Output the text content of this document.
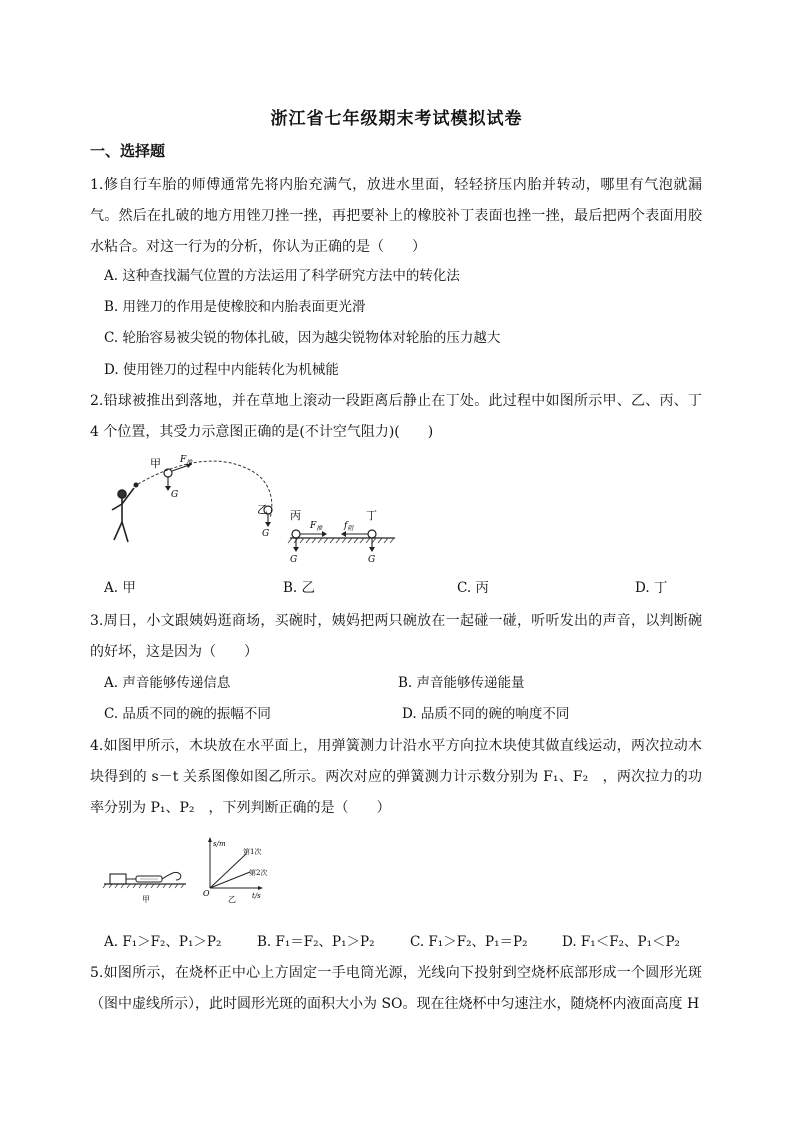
浙江省七年级期末考试模拟试卷
一、选择题
1.修自行车胎的师傅通常先将内胎充满气，放进水里面，轻轻挤压内胎并转动，哪里有气泡就漏气。然后在扎破的地方用锉刀挫一挫，再把要补上的橡胶补丁表面也挫一挫，最后把两个表面用胶水粘合。对这一行为的分析，你认为正确的是（　　）
A. 这种查找漏气位置的方法运用了科学研究方法中的转化法
B. 用锉刀的作用是使橡胶和内胎表面更光滑
C. 轮胎容易被尖锐的物体扎破，因为越尖锐物体对轮胎的压力越大
D. 使用锉刀的过程中内能转化为机械能
2.铅球被推出到落地，并在草地上滚动一段距离后静止在丁处。此过程中如图所示甲、乙、丙、丁 4 个位置，其受力示意图正确的是(不计空气阻力)(　　)
甲 $F_推$
G
乙
G
丙
$F_推$
G
丁
$f_阻$
G
A. 甲	B. 乙	C. 丙	D. 丁
3.周日，小文跟姨妈逛商场，买碗时，姨妈把两只碗放在一起碰一碰，听听发出的声音，以判断碗的好坏，这是因为（　　）
A. 声音能够传递信息	B. 声音能够传递能量
C. 品质不同的碗的振幅不同	D. 品质不同的碗的响度不同
4.如图甲所示，木块放在水平面上，用弹簧测力计沿水平方向拉木块使其做直线运动，两次拉动木块得到的 s－t 关系图像如图乙所示。两次对应的弹簧测力计示数分别为 F₁、F₂　，两次拉力的功率分别为 P₁、P₂　，下列判断正确的是（　　）
甲
s/m
t/s
O
第1次
第2次
乙
A. F₁＞F₂、P₁＞P₂	B. F₁＝F₂、P₁＞P₂	C. F₁＞F₂、P₁＝P₂	D. F₁＜F₂、P₁＜P₂
5.如图所示，在烧杯正中心上方固定一手电筒光源，光线向下投射到空烧杯底部形成一个圆形光斑（图中虚线所示），此时圆形光斑的面积大小为 SO。现在往烧杯中匀速注水，随烧杯内液面高度 H
